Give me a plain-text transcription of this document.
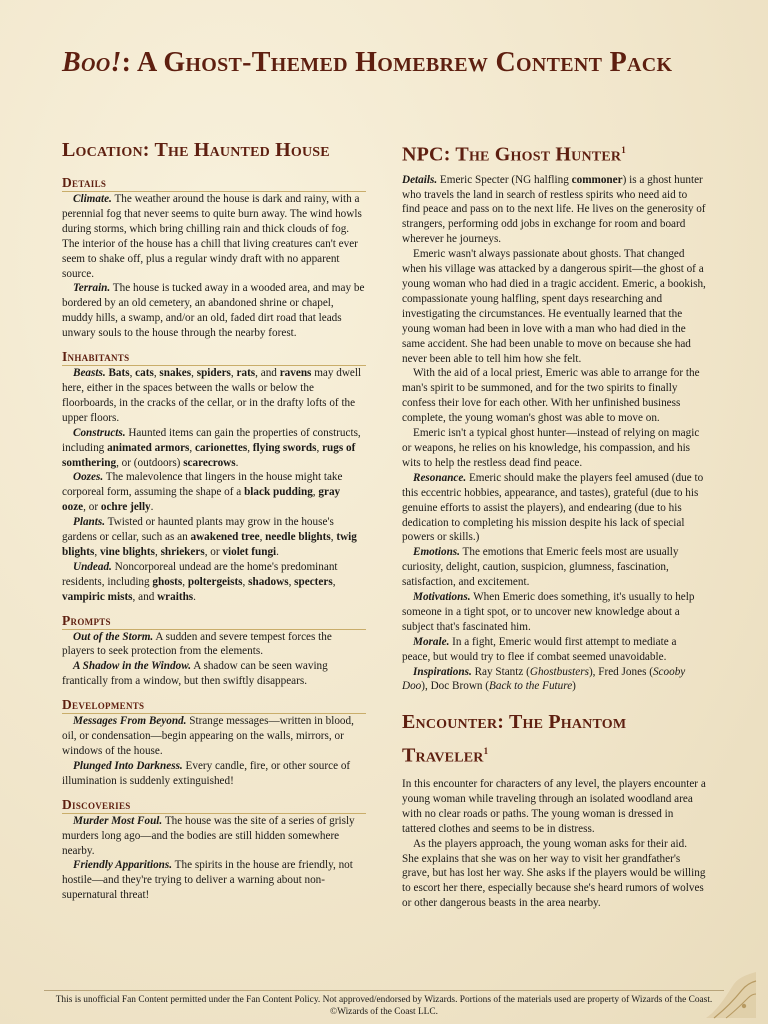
Boo!: A Ghost-Themed Homebrew Content Pack
Location: The Haunted House
Details

Climate. The weather around the house is dark and rainy, with a perennial fog that never seems to quite burn away. The wind howls during storms, which bring chilling rain and thick clouds of fog. The interior of the house has a chill that living creatures can't ever seem to shake off, plus a regular windy draft with no apparent source.

Terrain. The house is tucked away in a wooded area, and may be bordered by an old cemetery, an abandoned shrine or chapel, muddy hills, a swamp, and/or an old, faded dirt road that leads unwary souls to the house through the nearby forest.

Inhabitants

Beasts. Bats, cats, snakes, spiders, rats, and ravens may dwell here, either in the spaces between the walls or below the floorboards, in the cracks of the cellar, or in the drafty lofts of the upper floors.

Constructs. Haunted items can gain the properties of constructs, including animated armors, carionettes, flying swords, rugs of somthering, or (outdoors) scarecrows.

Oozes. The malevolence that lingers in the house might take corporeal form, assuming the shape of a black pudding, gray ooze, or ochre jelly.

Plants. Twisted or haunted plants may grow in the house's gardens or cellar, such as an awakened tree, needle blights, twig blights, vine blights, shriekers, or violet fungi.

Undead. Noncorporeal undead are the home's predominant residents, including ghosts, poltergeists, shadows, specters, vampiric mists, and wraiths.

Prompts

Out of the Storm. A sudden and severe tempest forces the players to seek protection from the elements.

A Shadow in the Window. A shadow can be seen waving frantically from a window, but then swiftly disappears.

Developments

Messages From Beyond. Strange messages—written in blood, oil, or condensation—begin appearing on the walls, mirrors, or windows of the house.

Plunged Into Darkness. Every candle, fire, or other source of illumination is suddenly extinguished!

Discoveries

Murder Most Foul. The house was the site of a series of grisly murders long ago—and the bodies are still hidden somewhere nearby.

Friendly Apparitions. The spirits in the house are friendly, not hostile—and they're trying to deliver a warning about non-supernatural threat!

NPC: The Ghost Hunter$^1$

Details. Emeric Specter (NG halfling commoner) is a ghost hunter who travels the land in search of restless spirits who need aid to find peace and pass on to the next life. He lives on the generosity of strangers, performing odd jobs in exchange for room and board wherever he journeys.

Emeric wasn't always passionate about ghosts. That changed when his village was attacked by a dangerous spirit—the ghost of a young woman who had died in a tragic accident. Emeric, a bookish, compassionate young halfling, spent days researching and investigating the circumstances. He eventually learned that the young woman had been in love with a man who had died in the same accident. She had been unable to move on because she had never been able to tell him how she felt.

With the aid of a local priest, Emeric was able to arrange for the man's spirit to be summoned, and for the two spirits to finally confess their love for each other. With her unfinished business complete, the young woman's ghost was able to move on.

Emeric isn't a typical ghost hunter—instead of relying on magic or weapons, he relies on his knowledge, his compassion, and his wits to help the restless dead find peace.

Resonance. Emeric should make the players feel amused (due to this eccentric hobbies, appearance, and tastes), grateful (due to his genuine efforts to assist the players), and endearing (due to his dedication to completing his mission despite his lack of special powers or skills.)

Emotions. The emotions that Emeric feels most are usually curiosity, delight, caution, suspicion, glumness, fascination, satisfaction, and excitement.

Motivations. When Emeric does something, it's usually to help someone in a tight spot, or to uncover new knowledge about a subject that's fascinated him.

Morale. In a fight, Emeric would first attempt to mediate a peace, but would try to flee if combat seemed unavoidable.

Inspirations. Ray Stantz (Ghostbusters), Fred Jones (Scooby Doo), Doc Brown (Back to the Future)

Encounter: The Phantom Traveler$^1$

In this encounter for characters of any level, the players encounter a young woman while traveling through an isolated woodland area with no clear roads or paths. The young woman is dressed in tattered clothes and seems to be in distress.

As the players approach, the young woman asks for their aid. She explains that she was on her way to visit her grandfather's grave, but has lost her way. She asks if the players would be willing to escort her there, especially because she's heard rumors of wolves or other dangerous beasts in the area nearby.

This is unofficial Fan Content permitted under the Fan Content Policy. Not approved/endorsed by Wizards. Portions of the materials used are property of Wizards of the Coast. ©Wizards of the Coast LLC.
